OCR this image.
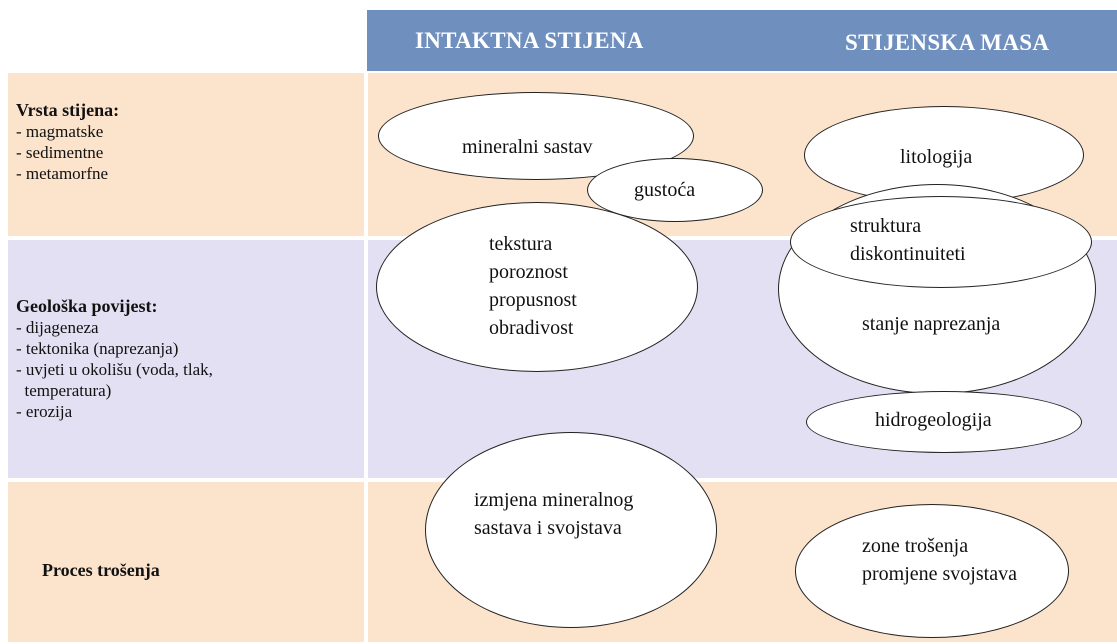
INTAKTNA STIJENA	STIJENSKA MASA
Vrsta stijena:
- magmatske
- sedimentne
- metamorfne
Geološka povijest:
- dijageneza
- tektonika (naprezanja)
- uvjeti u okolišu (voda, tlak,
temperatura)
- erozija
Proces trošenja
mineralni sastav
tekstura
poroznost
propusnost
obradivost
gustoća
izmjena mineralnog
sastava i svojstava
litologija
struktura
diskontinuiteti
stanje naprezanja
hidrogeologija
zone trošenja
promjene svojstava
